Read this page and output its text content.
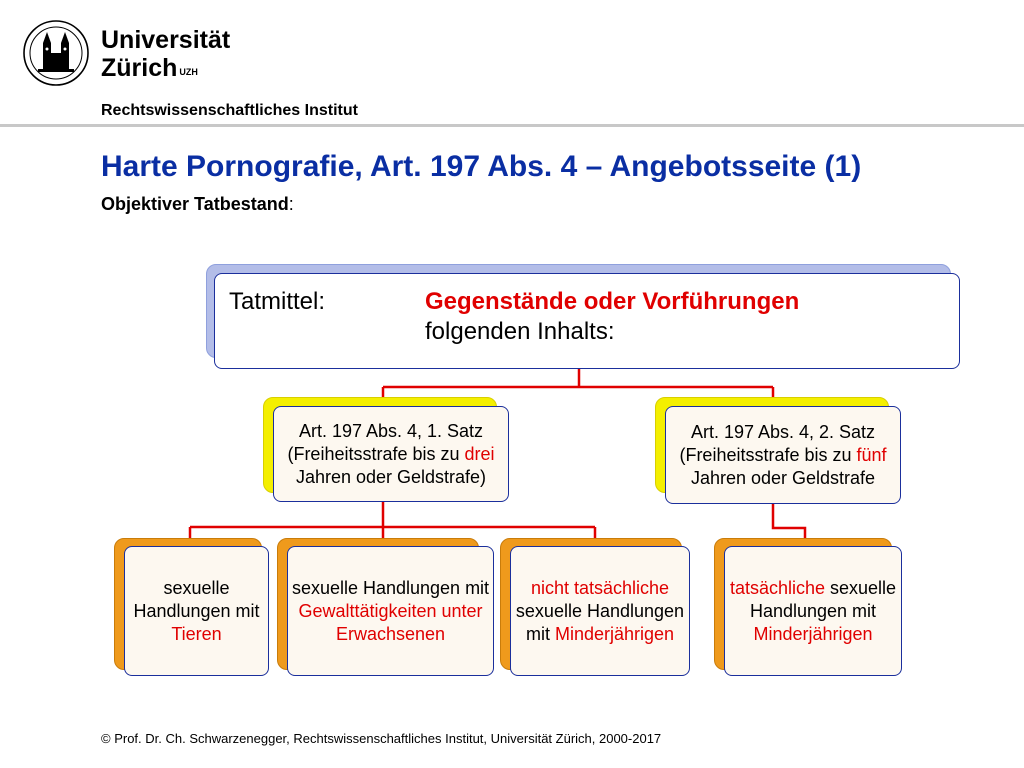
Universität
Zürich $^{UZH}$
Rechtswissenschaftliches Institut
Harte Pornografie, Art. 197 Abs. 4 – Angebotsseite (1)
Objektiver Tatbestand:
Tatmittel:	Gegenstände oder Vorführungen
folgenden Inhalts:
Art. 197 Abs. 4, 1. Satz (Freiheitsstrafe bis zu drei Jahren oder Geldstrafe)
Art. 197 Abs. 4, 2. Satz (Freiheitsstrafe bis zu fünf Jahren oder Geldstrafe
sexuelle Handlungen mit Tieren
sexuelle Handlungen mit Gewalttätigkeiten unter Erwachsenen
nicht tatsächliche sexuelle Handlungen mit Minderjährigen
tatsächliche sexuelle Handlungen mit Minderjährigen
© Prof. Dr. Ch. Schwarzenegger, Rechtswissenschaftliches Institut, Universität Zürich, 2000-2017
